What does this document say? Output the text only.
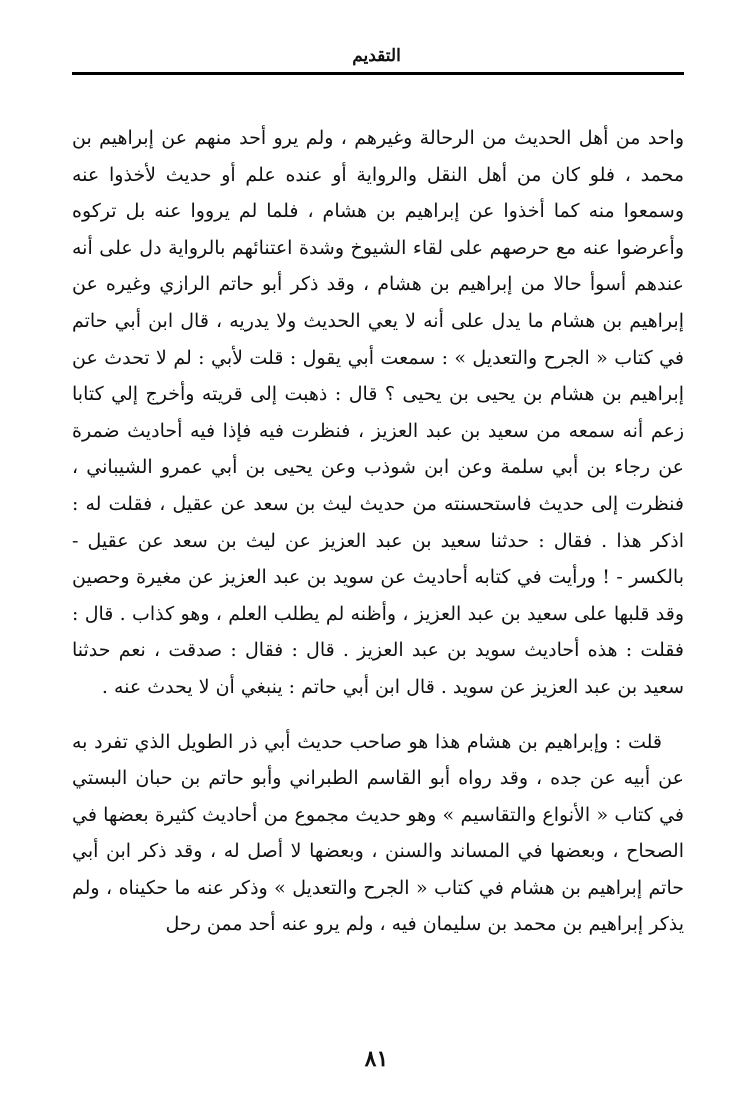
التقديم

واحد من أهل الحديث من الرحالة وغيرهم ، ولم يرو أحد منهم عن إبراهيم بن محمد ، فلو كان من أهل النقل والرواية أو عنده علم أو حديث لأخذوا عنه وسمعوا منه كما أخذوا عن إبراهيم بن هشام ، فلما لم يرووا عنه بل تركوه وأعرضوا عنه مع حرصهم على لقاء الشيوخ وشدة اعتنائهم بالرواية دل على أنه عندهم أسوأ حالا من إبراهيم بن هشام ، وقد ذكر أبو حاتم الرازي وغيره عن إبراهيم بن هشام ما يدل على أنه لا يعي الحديث ولا يدريه ، قال ابن أبي حاتم في كتاب « الجرح والتعديل » : سمعت أبي يقول : قلت لأبي : لم لا تحدث عن إبراهيم بن هشام بن يحيى بن يحيى ؟ قال : ذهبت إلى قريته وأخرج إلي كتابا زعم أنه سمعه من سعيد بن عبد العزيز ، فنظرت فيه فإذا فيه أحاديث ضمرة عن رجاء بن أبي سلمة وعن ابن شوذب وعن يحيى بن أبي عمرو الشيباني ، فنظرت إلى حديث فاستحسنته من حديث ليث بن سعد عن عقيل ، فقلت له : اذكر هذا . فقال : حدثنا سعيد بن عبد العزيز عن ليث بن سعد عن عقيل - بالكسر - ! ورأيت في كتابه أحاديث عن سويد بن عبد العزيز عن مغيرة وحصين وقد قلبها على سعيد بن عبد العزيز ، وأظنه لم يطلب العلم ، وهو كذاب . قال : فقلت : هذه أحاديث سويد بن عبد العزيز . قال : فقال : صدقت ، نعم حدثنا سعيد بن عبد العزيز عن سويد . قال ابن أبي حاتم : ينبغي أن لا يحدث عنه .

قلت : وإبراهيم بن هشام هذا هو صاحب حديث أبي ذر الطويل الذي تفرد به عن أبيه عن جده ، وقد رواه أبو القاسم الطبراني وأبو حاتم بن حبان البستي في كتاب « الأنواع والتقاسيم » وهو حديث مجموع من أحاديث كثيرة بعضها في الصحاح ، وبعضها في المساند والسنن ، وبعضها لا أصل له ، وقد ذكر ابن أبي حاتم إبراهيم بن هشام في كتاب « الجرح والتعديل » وذكر عنه ما حكيناه ، ولم يذكر إبراهيم بن محمد بن سليمان فيه ، ولم يرو عنه أحد ممن رحل

٨١
